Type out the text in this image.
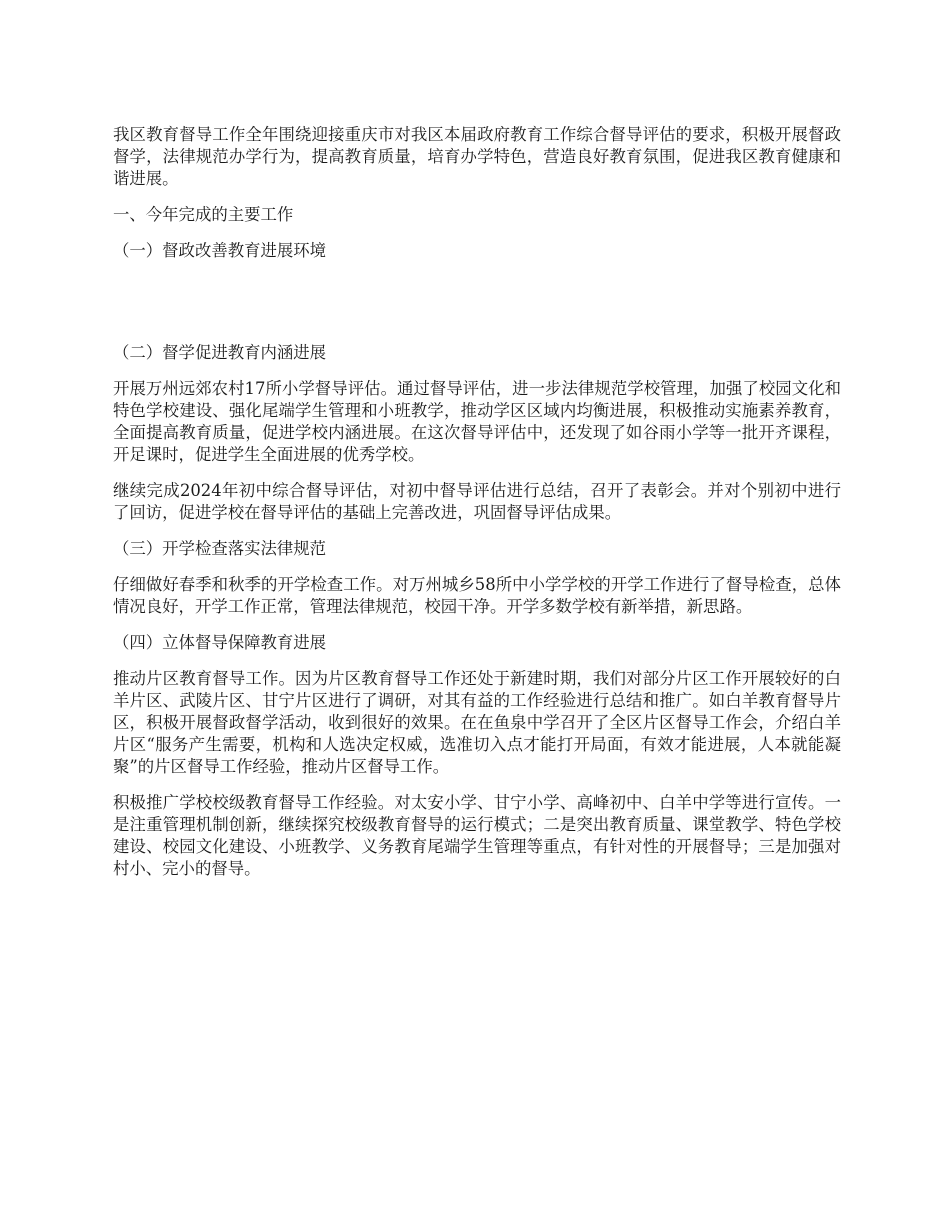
我区教育督导工作全年围绕迎接重庆市对我区本届政府教育工作综合督导评估的要求，积极开展督政督学，法律规范办学行为，提高教育质量，培育办学特色，营造良好教育氛围，促进我区教育健康和谐进展。

一、今年完成的主要工作

（一）督政改善教育进展环境

（二）督学促进教育内涵进展

开展万州远郊农村17所小学督导评估。通过督导评估，进一步法律规范学校管理，加强了校园文化和特色学校建设、强化尾端学生管理和小班教学，推动学区区域内均衡进展，积极推动实施素养教育，全面提高教育质量，促进学校内涵进展。在这次督导评估中，还发现了如谷雨小学等一批开齐课程，开足课时，促进学生全面进展的优秀学校。

继续完成2024年初中综合督导评估，对初中督导评估进行总结，召开了表彰会。并对个别初中进行了回访，促进学校在督导评估的基础上完善改进，巩固督导评估成果。

（三）开学检查落实法律规范

仔细做好春季和秋季的开学检查工作。对万州城乡58所中小学学校的开学工作进行了督导检查，总体情况良好，开学工作正常，管理法律规范，校园干净。开学多数学校有新举措，新思路。

（四）立体督导保障教育进展

推动片区教育督导工作。因为片区教育督导工作还处于新建时期，我们对部分片区工作开展较好的白羊片区、武陵片区、甘宁片区进行了调研，对其有益的工作经验进行总结和推广。如白羊教育督导片区，积极开展督政督学活动，收到很好的效果。在在鱼泉中学召开了全区片区督导工作会，介绍白羊片区“服务产生需要，机构和人选决定权威，选准切入点才能打开局面，有效才能进展，人本就能凝聚”的片区督导工作经验，推动片区督导工作。

积极推广学校校级教育督导工作经验。对太安小学、甘宁小学、高峰初中、白羊中学等进行宣传。一是注重管理机制创新，继续探究校级教育督导的运行模式；二是突出教育质量、课堂教学、特色学校建设、校园文化建设、小班教学、义务教育尾端学生管理等重点，有针对性的开展督导；三是加强对村小、完小的督导。
